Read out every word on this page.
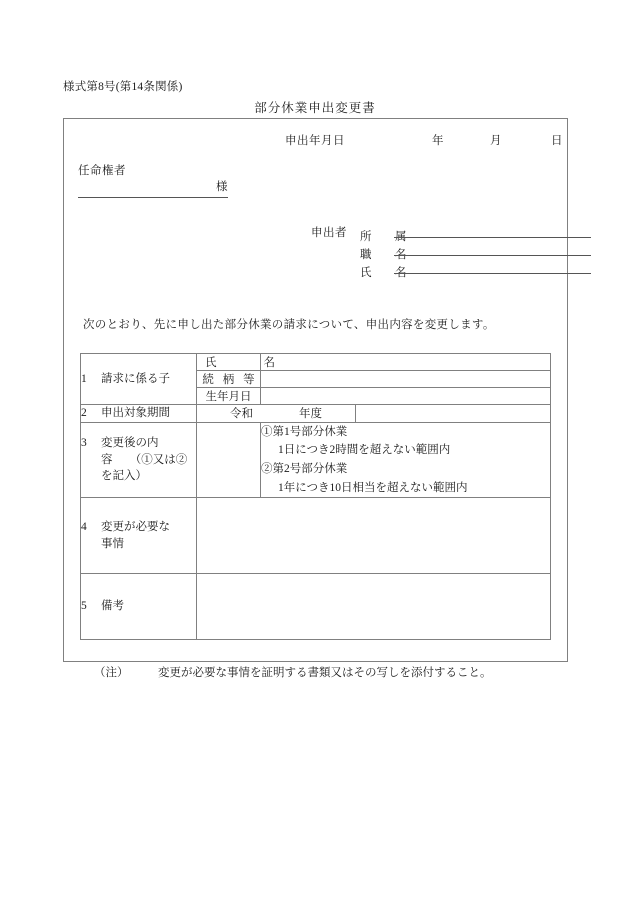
様式第8号(第14条関係)
部分休業申出変更書
申出年月日	年	月	日
任命権者
様
申出者 所　属
職　名
氏　名
次のとおり、先に申し出た部分休業の請求について、申出内容を変更します。
1 請求に係る子	氏　　名		
	続 柄 等		
	生年月日		
2 申出対象期間	令和 年度		
3 変更後の内
容　　（①又は②
を記入）		①第1号部分休業
1日につき2時間を超えない範囲内
②第2号部分休業
1年につき10日相当を超えない範囲内	

4 変更が必要な
事情			
5 備考			
（注）	変更が必要な事情を証明する書類又はその写しを添付すること。
